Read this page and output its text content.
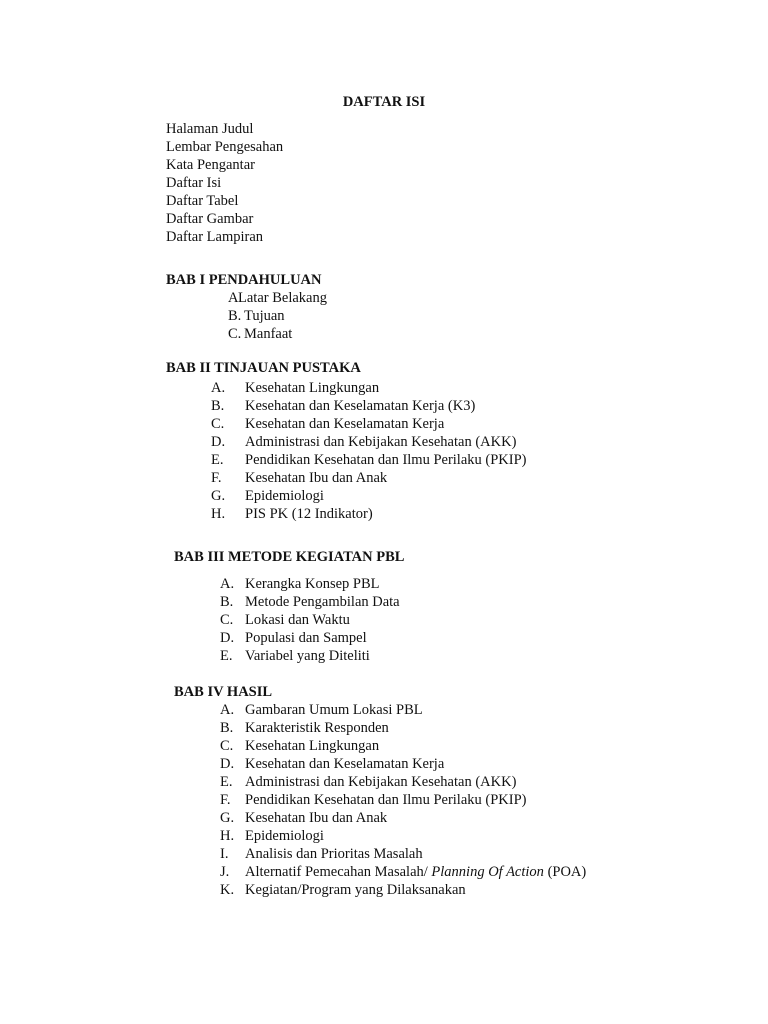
DAFTAR ISI
Halaman Judul
Lembar Pengesahan
Kata Pengantar
Daftar Isi
Daftar Tabel
Daftar Gambar
Daftar Lampiran
BAB I PENDAHULUAN
A.Latar Belakang
B. Tujuan
C. Manfaat
BAB II TINJAUAN PUSTAKA
A. Kesehatan Lingkungan
B. Kesehatan dan Keselamatan Kerja (K3)
C. Kesehatan dan Keselamatan Kerja
D. Administrasi dan Kebijakan Kesehatan (AKK)
E. Pendidikan Kesehatan dan Ilmu Perilaku (PKIP)
F. Kesehatan Ibu dan Anak
G. Epidemiologi
H. PIS PK (12 Indikator)
BAB III METODE KEGIATAN PBL
A. Kerangka Konsep PBL
B. Metode Pengambilan Data
C. Lokasi dan Waktu
D. Populasi dan Sampel
E. Variabel yang Diteliti
BAB IV HASIL
A. Gambaran Umum Lokasi PBL
B. Karakteristik Responden
C. Kesehatan Lingkungan
D. Kesehatan dan Keselamatan Kerja
E. Administrasi dan Kebijakan Kesehatan (AKK)
F. Pendidikan Kesehatan dan Ilmu Perilaku (PKIP)
G. Kesehatan Ibu dan Anak
H. Epidemiologi
I. Analisis dan Prioritas Masalah
J. Alternatif Pemecahan Masalah/ Planning Of Action (POA)
K. Kegiatan/Program yang Dilaksanakan
